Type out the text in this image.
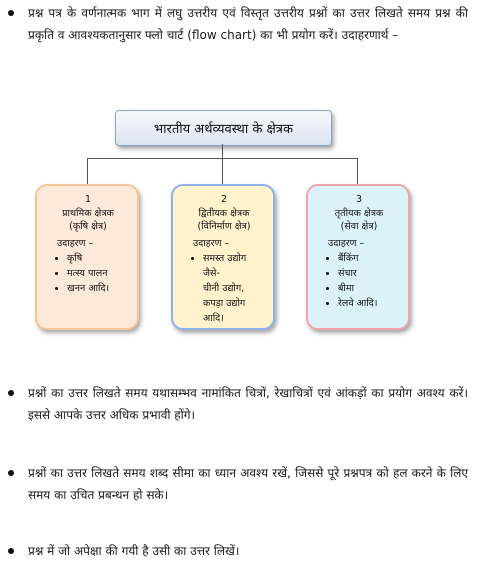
प्रश्न पत्र के वर्णनात्मक भाग में लघु उत्तरीय एवं विस्तृत उत्तरीय प्रश्नों का उत्तर लिखते समय प्रश्न की प्रकृति व आवश्यकतानुसार फ्लो चार्ट (flow chart) का भी प्रयोग करें। उदाहरणार्थ –
भारतीय अर्थव्यवस्था के क्षेत्रक
1
प्राथमिक क्षेत्रक
(कृषि क्षेत्र)
उदाहरण –
• कृषि
• मत्स्य पालन
• खनन आदि।
2
द्वितीयक क्षेत्रक
(विनिर्माण क्षेत्र)
उदाहरण –
• समस्त उद्योग
जैसे-
चीनी उद्योग,
कपड़ा उद्योग
आदि।
3
तृतीयक क्षेत्रक
(सेवा क्षेत्र)
उदाहरण –
• बैंकिंग
• संचार
• बीमा
• रेलवे आदि।
प्रश्नों का उत्तर लिखते समय यथासम्भव नामांकित चित्रों, रेखाचित्रों एवं आंकड़ों का प्रयोग अवश्य करें। इससे आपके उत्तर अधिक प्रभावी होंगे।
प्रश्नों का उत्तर लिखते समय शब्द सीमा का ध्यान अवश्य रखें, जिससे पूरे प्रश्नपत्र को हल करने के लिए समय का उचित प्रबन्धन हो सके।
प्रश्न में जो अपेक्षा की गयी है उसी का उत्तर लिखें।
